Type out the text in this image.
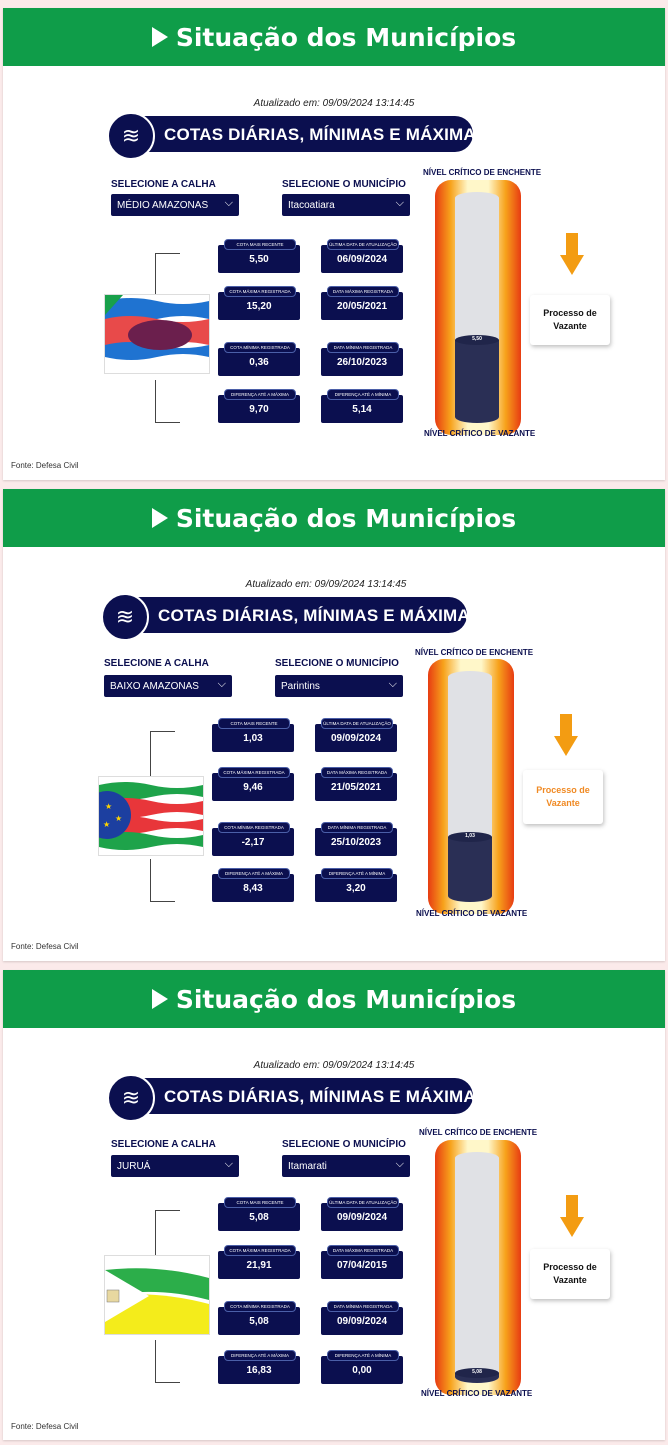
Situação dos Municípios
Atualizado em: 09/09/2024 13:14:45
≋	COTAS DIÁRIAS, MÍNIMAS E MÁXIMAS
SELECIONE A CALHA
MÉDIO AMAZONAS ⌵
SELECIONE O MUNICÍPIO
Itacoatiara	⌵
COTA MAIS RECENTE
5,50
ÚLTIMA DATA DE ATUALIZAÇÃO
06/09/2024
COTA MÁXIMA REGISTRADA
15,20
DATA MÁXIMA REGISTRADA
20/05/2021
COTA MÍNIMA REGISTRADA
0,36
DATA MÍNIMA REGISTRADA
26/10/2023
DIFERENÇA ATÉ A MÁXIMA
9,70
DIFERENÇA ATÉ A MÍNIMA
5,14
NÍVEL CRÍTICO DE ENCHENTE
5,50
NÍVEL CRÍTICO DE VAZANTE
Processo de Vazante
Fonte: Defesa Civil
Situação dos Municípios
Atualizado em: 09/09/2024 13:14:45
≋	COTAS DIÁRIAS, MÍNIMAS E MÁXIMAS
SELECIONE A CALHA
BAIXO AMAZONAS ⌵
SELECIONE O MUNICÍPIO
Parintins	⌵
★
★
★
COTA MAIS RECENTE
1,03
ÚLTIMA DATA DE ATUALIZAÇÃO
09/09/2024
COTA MÁXIMA REGISTRADA
9,46
DATA MÁXIMA REGISTRADA
21/05/2021
COTA MÍNIMA REGISTRADA
-2,17
DATA MÍNIMA REGISTRADA
25/10/2023
DIFERENÇA ATÉ A MÁXIMA
8,43
DIFERENÇA ATÉ A MÍNIMA
3,20
NÍVEL CRÍTICO DE ENCHENTE
1,03
NÍVEL CRÍTICO DE VAZANTE
Processo de Vazante
Fonte: Defesa Civil
Situação dos Municípios
Atualizado em: 09/09/2024 13:14:45
≋	COTAS DIÁRIAS, MÍNIMAS E MÁXIMAS
SELECIONE A CALHA
JURUÁ	⌵
SELECIONE O MUNICÍPIO
Itamarati	⌵
COTA MAIS RECENTE
5,08
ÚLTIMA DATA DE ATUALIZAÇÃO
09/09/2024
COTA MÁXIMA REGISTRADA
21,91
DATA MÁXIMA REGISTRADA
07/04/2015
COTA MÍNIMA REGISTRADA
5,08
DATA MÍNIMA REGISTRADA
09/09/2024
DIFERENÇA ATÉ A MÁXIMA
16,83
DIFERENÇA ATÉ A MÍNIMA
0,00
NÍVEL CRÍTICO DE ENCHENTE
5,08
NÍVEL CRÍTICO DE VAZANTE
Processo de Vazante
Fonte: Defesa Civil
